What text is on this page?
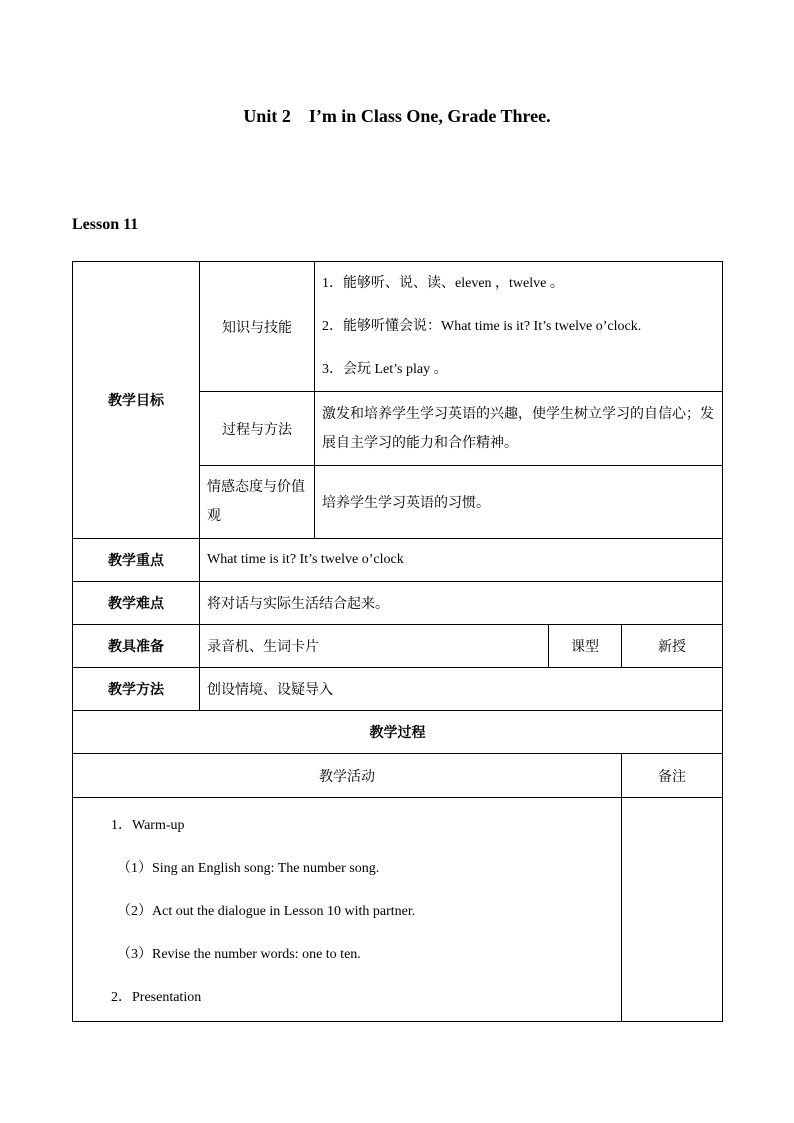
Unit 2    I’m in Class One, Grade Three.
Lesson 11
教学目标	知识与技能	1．能够听、说、读、eleven ，twelve 。
2．能够听懂会说：What time is it? It’s twelve o’clock.
3．会玩 Let’s play 。		

	过程与方法	激发和培养学生学习英语的兴趣，使学生树立学习的自信心；发展自主学习的能力和合作精神。		
	情感态度与价值观	培养学生学习英语的习惯。		
教学重点	What time is it? It’s twelve o’clock			
教学难点	将对话与实际生活结合起来。			
教具准备	录音机、生词卡片		课型	新授
教学方法	创设情境、设疑导入			
教学过程				
教学活动				备注

1．Warm-up
（1）Sing an English song: The number song.
（2）Act out the dialogue in Lesson 10 with partner.
（3）Revise the number words: one to ten.
2．Presentation				
